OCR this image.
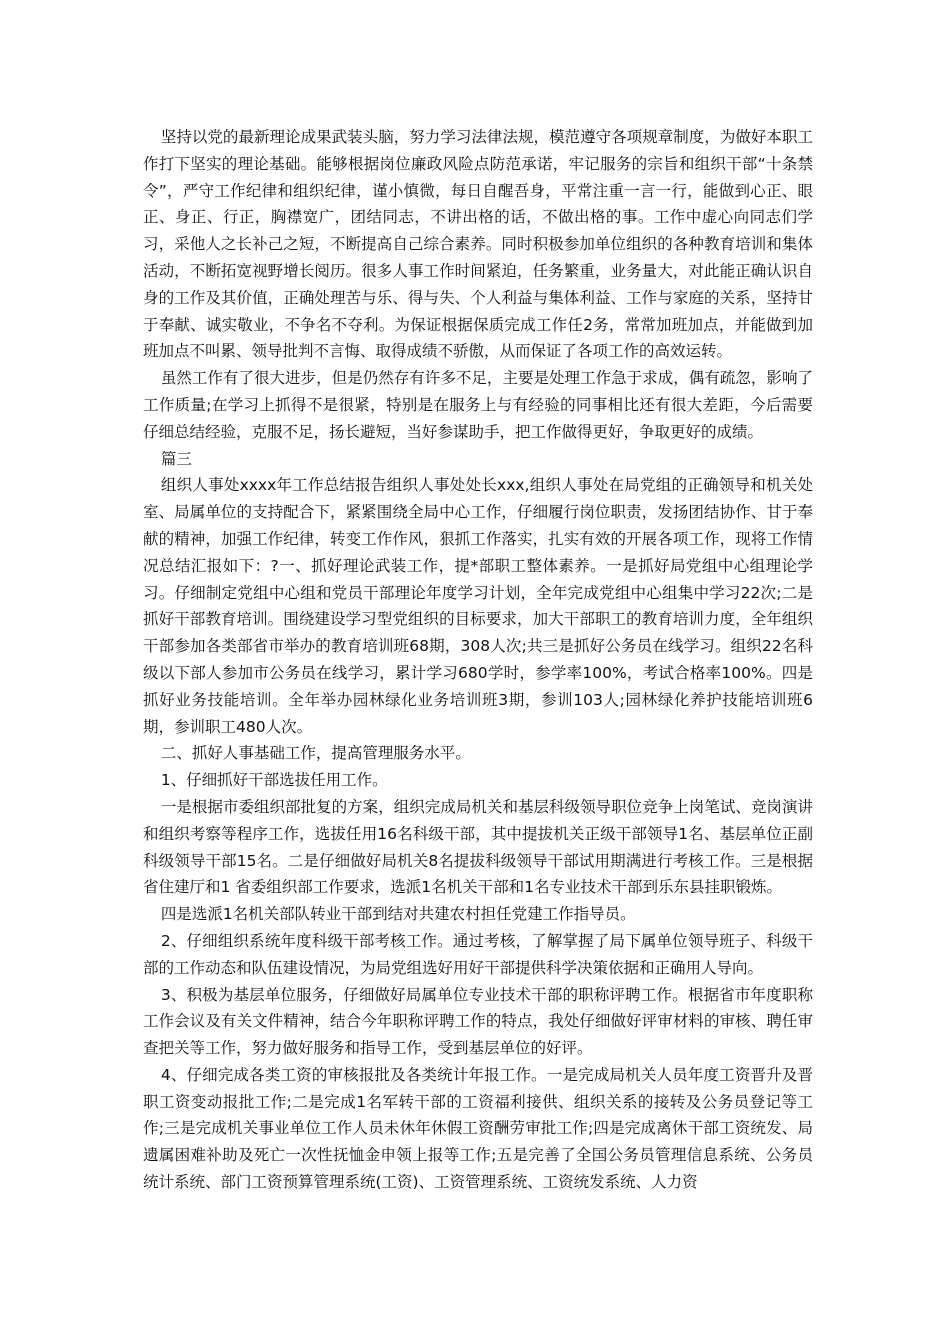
坚持以党的最新理论成果武装头脑，努力学习法律法规，模范遵守各项规章制度，为做好本职工作打下坚实的理论基础。能够根据岗位廉政风险点防范承诺，牢记服务的宗旨和组织干部“十条禁令”，严守工作纪律和组织纪律，谨小慎微，每日自醒吾身，平常注重一言一行，能做到心正、眼正、身正、行正，胸襟宽广，团结同志，不讲出格的话，不做出格的事。工作中虚心向同志们学习，采他人之长补己之短，不断提高自己综合素养。同时积极参加单位组织的各种教育培训和集体活动，不断拓宽视野增长阅历。很多人事工作时间紧迫，任务繁重，业务量大，对此能正确认识自身的工作及其价值，正确处理苦与乐、得与失、个人利益与集体利益、工作与家庭的关系，坚持甘于奉献、诚实敬业，不争名不夺利。为保证根据保质完成工作任2务，常常加班加点，并能做到加班加点不叫累、领导批判不言悔、取得成绩不骄傲，从而保证了各项工作的高效运转。

虽然工作有了很大进步，但是仍然存有许多不足，主要是处理工作急于求成，偶有疏忽，影响了工作质量;在学习上抓得不是很紧，特别是在服务上与有经验的同事相比还有很大差距，今后需要仔细总结经验，克服不足，扬长避短，当好参谋助手，把工作做得更好，争取更好的成绩。

篇三

组织人事处xxxx年工作总结报告组织人事处处长xxx,组织人事处在局党组的正确领导和机关处室、局属单位的支持配合下，紧紧围绕全局中心工作，仔细履行岗位职责，发扬团结协作、甘于奉献的精神，加强工作纪律，转变工作作风，狠抓工作落实，扎实有效的开展各项工作，现将工作情况总结汇报如下：?一、抓好理论武装工作，提*部职工整体素养。一是抓好局党组中心组理论学习。仔细制定党组中心组和党员干部理论年度学习计划，全年完成党组中心组集中学习22次;二是抓好干部教育培训。围绕建设学习型党组织的目标要求，加大干部职工的教育培训力度，全年组织干部参加各类部省市举办的教育培训班68期，308人次;共三是抓好公务员在线学习。组织22名科级以下部人参加市公务员在线学习，累计学习680学时，参学率100%，考试合格率100%。四是抓好业务技能培训。全年举办园林绿化业务培训班3期，参训103人;园林绿化养护技能培训班6期，参训职工480人次。

二、抓好人事基础工作，提高管理服务水平。

1、仔细抓好干部选拔任用工作。

一是根据市委组织部批复的方案，组织完成局机关和基层科级领导职位竞争上岗笔试、竞岗演讲和组织考察等程序工作，选拔任用16名科级干部，其中提拔机关正级干部领导1名、基层单位正副科级领导干部15名。二是仔细做好局机关8名提拔科级领导干部试用期满进行考核工作。三是根据省住建厅和1 省委组织部工作要求，选派1名机关干部和1名专业技术干部到乐东县挂职锻炼。

四是选派1名机关部队转业干部到结对共建农村担任党建工作指导员。

2、仔细组织系统年度科级干部考核工作。通过考核，了解掌握了局下属单位领导班子、科级干部的工作动态和队伍建设情况，为局党组选好用好干部提供科学决策依据和正确用人导向。

3、积极为基层单位服务，仔细做好局属单位专业技术干部的职称评聘工作。根据省市年度职称工作会议及有关文件精神，结合今年职称评聘工作的特点，我处仔细做好评审材料的审核、聘任审查把关等工作，努力做好服务和指导工作，受到基层单位的好评。

4、仔细完成各类工资的审核报批及各类统计年报工作。一是完成局机关人员年度工资晋升及晋职工资变动报批工作;二是完成1名军转干部的工资福利接供、组织关系的接转及公务员登记等工作;三是完成机关事业单位工作人员未休年休假工资酬劳审批工作;四是完成离休干部工资统发、局遗属困难补助及死亡一次性抚恤金申领上报等工作;五是完善了全国公务员管理信息系统、公务员统计系统、部门工资预算管理系统(工资)、工资管理系统、工资统发系统、人力资
